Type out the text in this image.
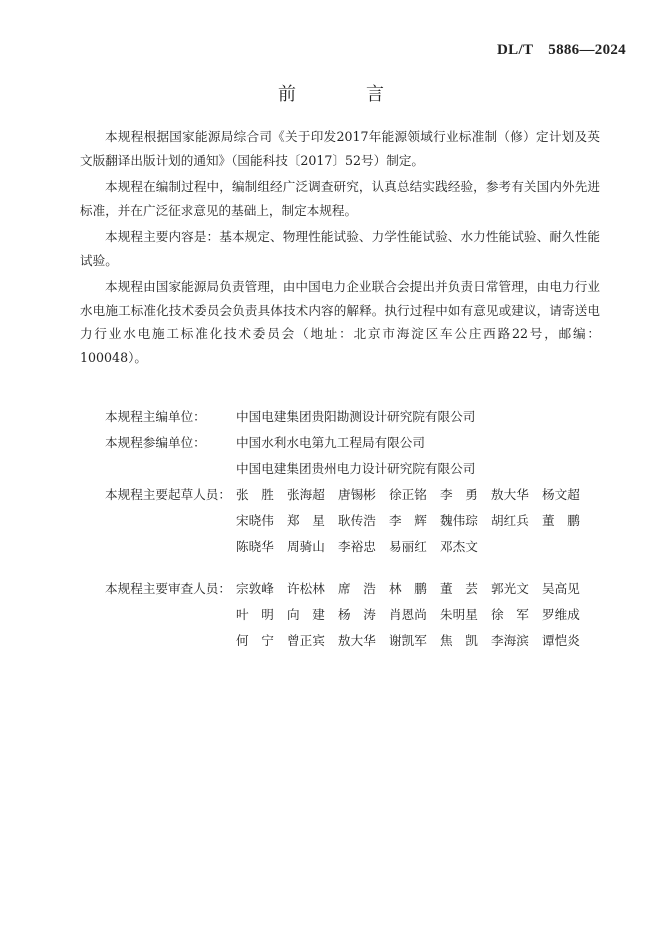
DL/T　5886—2024
前　言

本规程根据国家能源局综合司《关于印发2017年能源领域行业标准制（修）定计划及英文版翻译出版计划的通知》（国能科技〔2017〕52号）制定。

本规程在编制过程中，编制组经广泛调查研究，认真总结实践经验，参考有关国内外先进标准，并在广泛征求意见的基础上，制定本规程。

本规程主要内容是：基本规定、物理性能试验、力学性能试验、水力性能试验、耐久性能试验。

本规程由国家能源局负责管理，由中国电力企业联合会提出并负责日常管理，由电力行业水电施工标准化技术委员会负责具体技术内容的解释。执行过程中如有意见或建议，请寄送电力行业水电施工标准化技术委员会（地址：北京市海淀区车公庄西路22号，邮编：100048）。

本规程主编单位：	中国电建集团贵阳勘测设计研究院有限公司
本规程参编单位：	中国水利水电第九工程局有限公司
中国电建集团贵州电力设计研究院有限公司
本规程主要起草人员： 张　胜	张海超	唐锡彬	徐正铭	李　勇	敖大华	杨文超
宋晓伟	郑　星	耿传浩	李　辉	魏伟琮	胡红兵	董　鹏
陈晓华	周骑山	李裕忠	易丽红	邓杰文
本规程主要审查人员： 宗敦峰	许松林	席　浩	林　鹏	董　芸	郭光文	吴高见
叶　明	向　建	杨　涛	肖恩尚	朱明星	徐　军	罗维成
何　宁	曾正宾	敖大华	谢凯军	焦　凯	李海滨	谭恺炎
